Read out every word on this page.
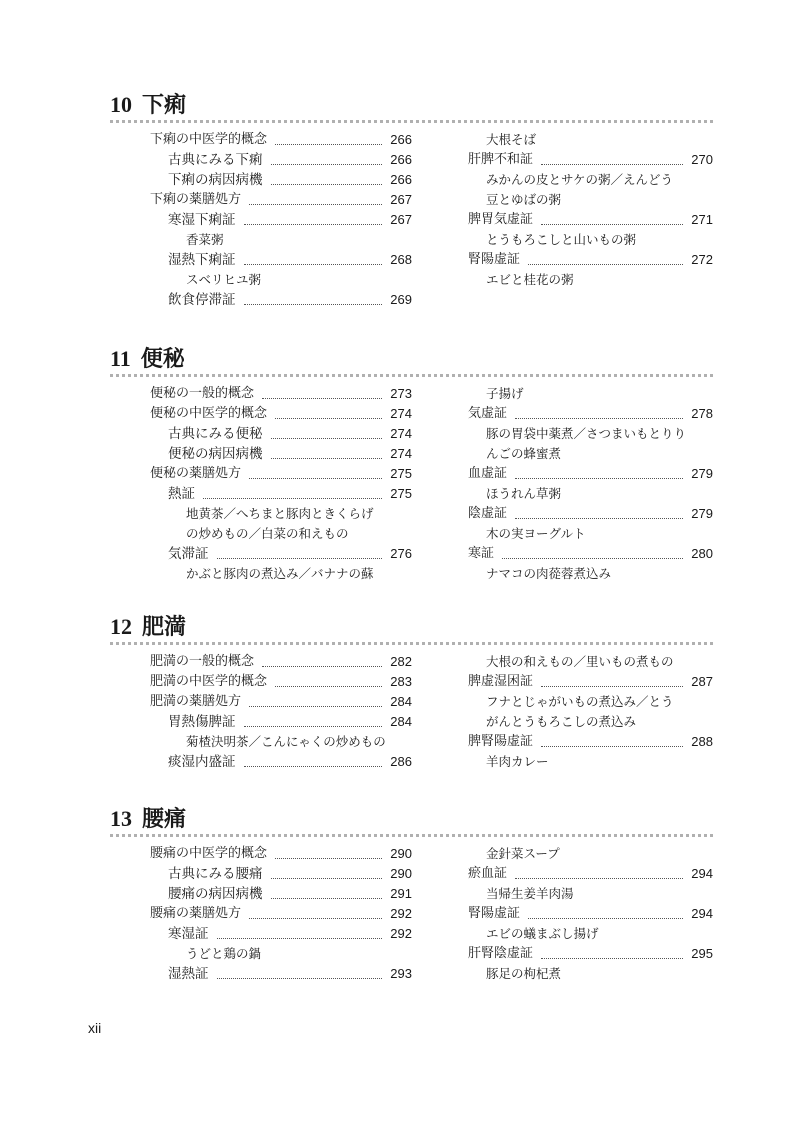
10 下痢
下痢の中医学的概念	266
古典にみる下痢	266
下痢の病因病機	266
下痢の薬膳処方	267
寒湿下痢証	267
香菜粥
湿熱下痢証	268
スベリヒユ粥
飲食停滞証	269
大根そば
肝脾不和証	270
みかんの皮とサケの粥／えんどう
豆とゆばの粥
脾胃気虚証	271
とうもろこしと山いもの粥
腎陽虚証	272
エビと桂花の粥
11 便秘
便秘の一般的概念	273
便秘の中医学的概念	274
古典にみる便秘	274
便秘の病因病機	274
便秘の薬膳処方	275
熱証	275
地黄茶／へちまと豚肉ときくらげ
の炒めもの／白菜の和えもの
気滞証	276
かぶと豚肉の煮込み／バナナの蘇
子揚げ
気虚証	278
豚の胃袋中薬煮／さつまいもとりり
んごの蜂蜜煮
血虚証	279
ほうれん草粥
陰虚証	279
木の実ヨーグルト
寒証	280
ナマコの肉蓯蓉煮込み
12 肥満
肥満の一般的概念	282
肥満の中医学的概念	283
肥満の薬膳処方	284
胃熱傷脾証	284
菊楂決明茶／こんにゃくの炒めもの
痰湿内盛証	286
大根の和えもの／里いもの煮もの
脾虚湿困証	287
フナとじゃがいもの煮込み／とう
がんとうもろこしの煮込み
脾腎陽虚証	288
羊肉カレー
13 腰痛
腰痛の中医学的概念	290
古典にみる腰痛	290
腰痛の病因病機	291
腰痛の薬膳処方	292
寒湿証	292
うどと鶏の鍋
湿熱証	293
金針菜スープ
瘀血証	294
当帰生姜羊肉湯
腎陽虚証	294
エビの蟻まぶし揚げ
肝腎陰虚証	295
豚足の枸杞煮
xii
